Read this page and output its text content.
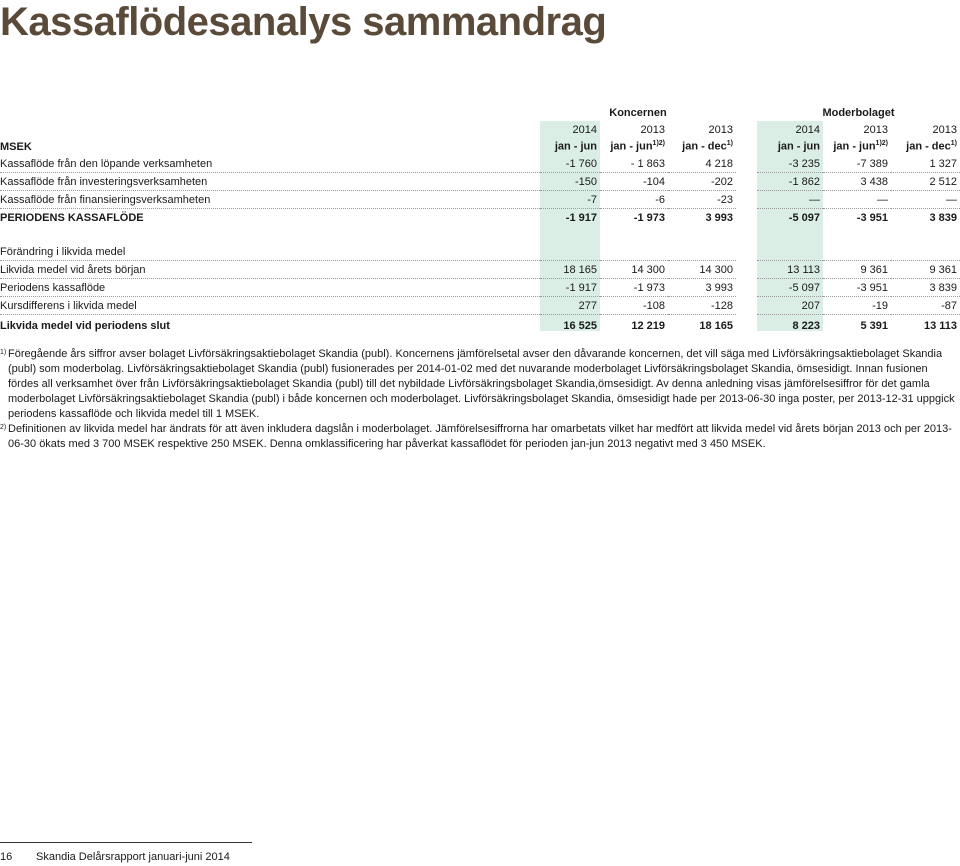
Kassaflödesanalys sammandrag
	Koncernen				Moderbolaget		
	2014	2013	2013		2014	2013	2013
MSEK	jan - jun	jan - jun$^{1)2)}$	jan - dec$^{1)}$		jan - jun	jan - jun$^{1)2)}$	jan - dec$^{1)}$
Kassaflöde från den löpande verksamheten	-1 760	- 1 863	4 218		-3 235	-7 389	1 327
Kassaflöde från investeringsverksamheten	-150	-104	-202		-1 862	3 438	2 512
Kassaflöde från finansieringsverksamheten	-7	-6	-23		—	—	—
PERIODENS KASSAFLÖDE	-1 917	-1 973	3 993		-5 097	-3 951	3 839

Förändring i likvida medel							
Likvida medel vid årets början	18 165	14 300	14 300		13 113	9 361	9 361
Periodens kassaflöde	-1 917	-1 973	3 993		-5 097	-3 951	3 839
Kursdifferens i likvida medel	277	-108	-128		207	-19	-87
Likvida medel vid periodens slut	16 525	12 219	18 165		8 223	5 391	13 113

1) Föregående års siffror avser bolaget Livförsäkringsaktiebolaget Skandia (publ). Koncernens jämförelsetal avser den dåvarande koncernen, det vill säga med Livförsäkringsaktiebolaget Skandia (publ) som moderbolag. Livförsäkringsaktiebolaget Skandia (publ) fusionerades per 2014-01-02 med det nuvarande moderbolaget Livförsäkringsbolaget Skandia, ömsesidigt. Innan fusionen fördes all verksamhet över från Livförsäkringsaktiebolaget Skandia (publ) till det nybildade Livförsäkringsbolaget Skandia,ömsesidigt. Av denna anledning visas jämförelsesiffror för det gamla moderbolaget Livförsäkringsaktiebolaget Skandia (publ) i både koncernen och moderbolaget. Livförsäkringsbolaget Skandia, ömsesidigt hade per 2013-06-30 inga poster, per 2013-12-31 uppgick periodens kassaflöde och likvida medel till 1 MSEK.

2) Definitionen av likvida medel har ändrats för att även inkludera dagslån i moderbolaget. Jämförelsesiffrorna har omarbetats vilket har medfört att likvida medel vid årets början 2013 och per 2013-06-30 ökats med 3 700 MSEK respektive 250 MSEK. Denna omklassificering har påverkat kassaflödet för perioden jan-jun 2013 negativt med 3 450 MSEK.

16 Skandia Delårsrapport januari-juni 2014
